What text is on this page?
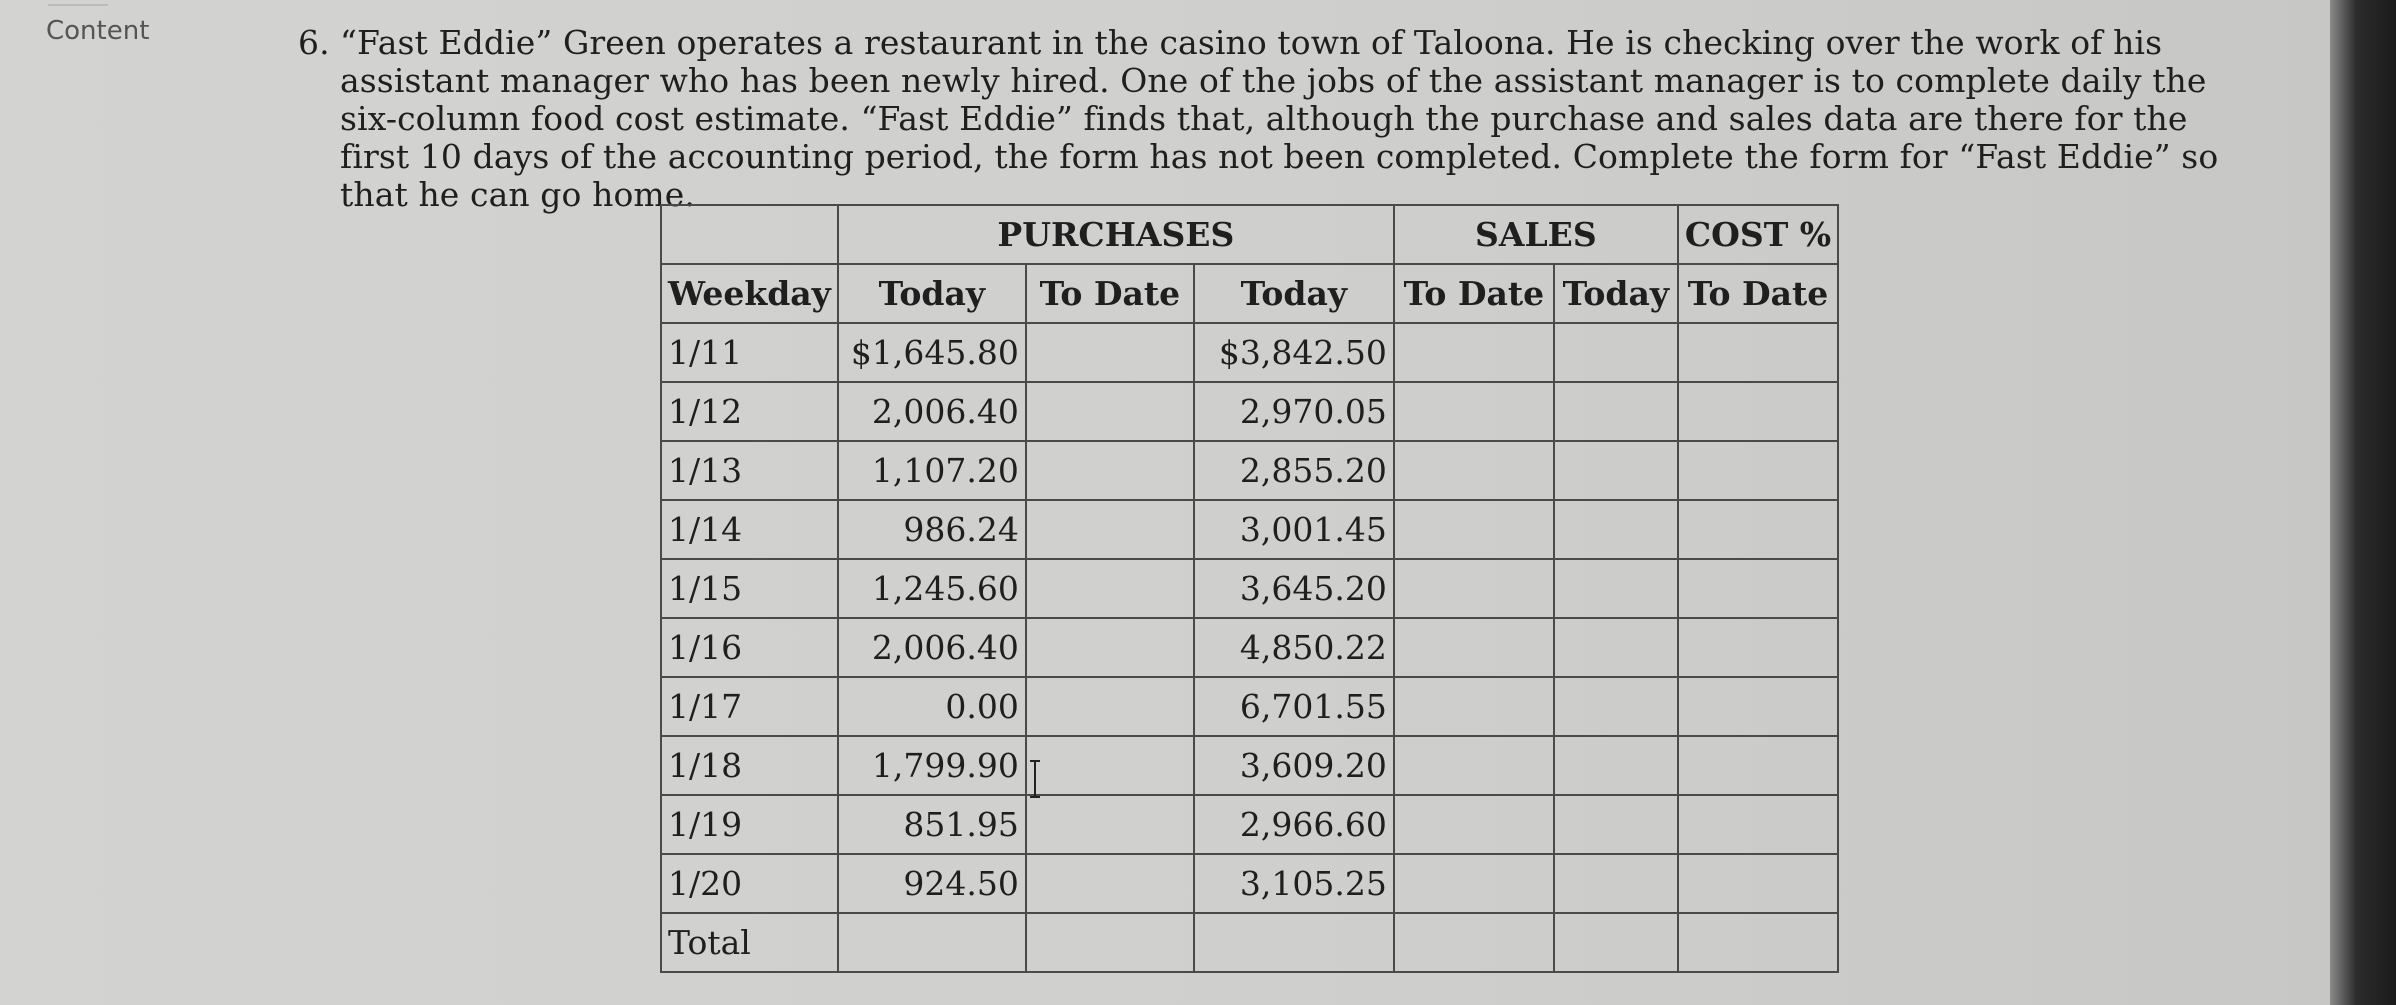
Content	6. “Fast Eddie” Green operates a restaurant in the casino town of Taloona. He is checking over the work of his assistant manager who has been newly hired. One of the jobs of the assistant manager is to complete daily the six-column food cost estimate. “Fast Eddie” finds that, although the purchase and sales data are there for the first 10 days of the accounting period, the form has not been completed. Complete the form for “Fast Eddie” so that he can go home.
	PURCHASES			SALES		COST %
Weekday	Today	To Date	Today	To Date	Today	To Date
1/11	$1,645.80		$3,842.50			
1/12	2,006.40		2,970.05			
1/13	1,107.20		2,855.20			
1/14	986.24		3,001.45			
1/15	1,245.60		3,645.20			
1/16	2,006.40		4,850.22			
1/17	0.00		6,701.55			
1/18	1,799.90		3,609.20			
1/19	851.95		2,966.60			
1/20	924.50		3,105.25			
Total						
